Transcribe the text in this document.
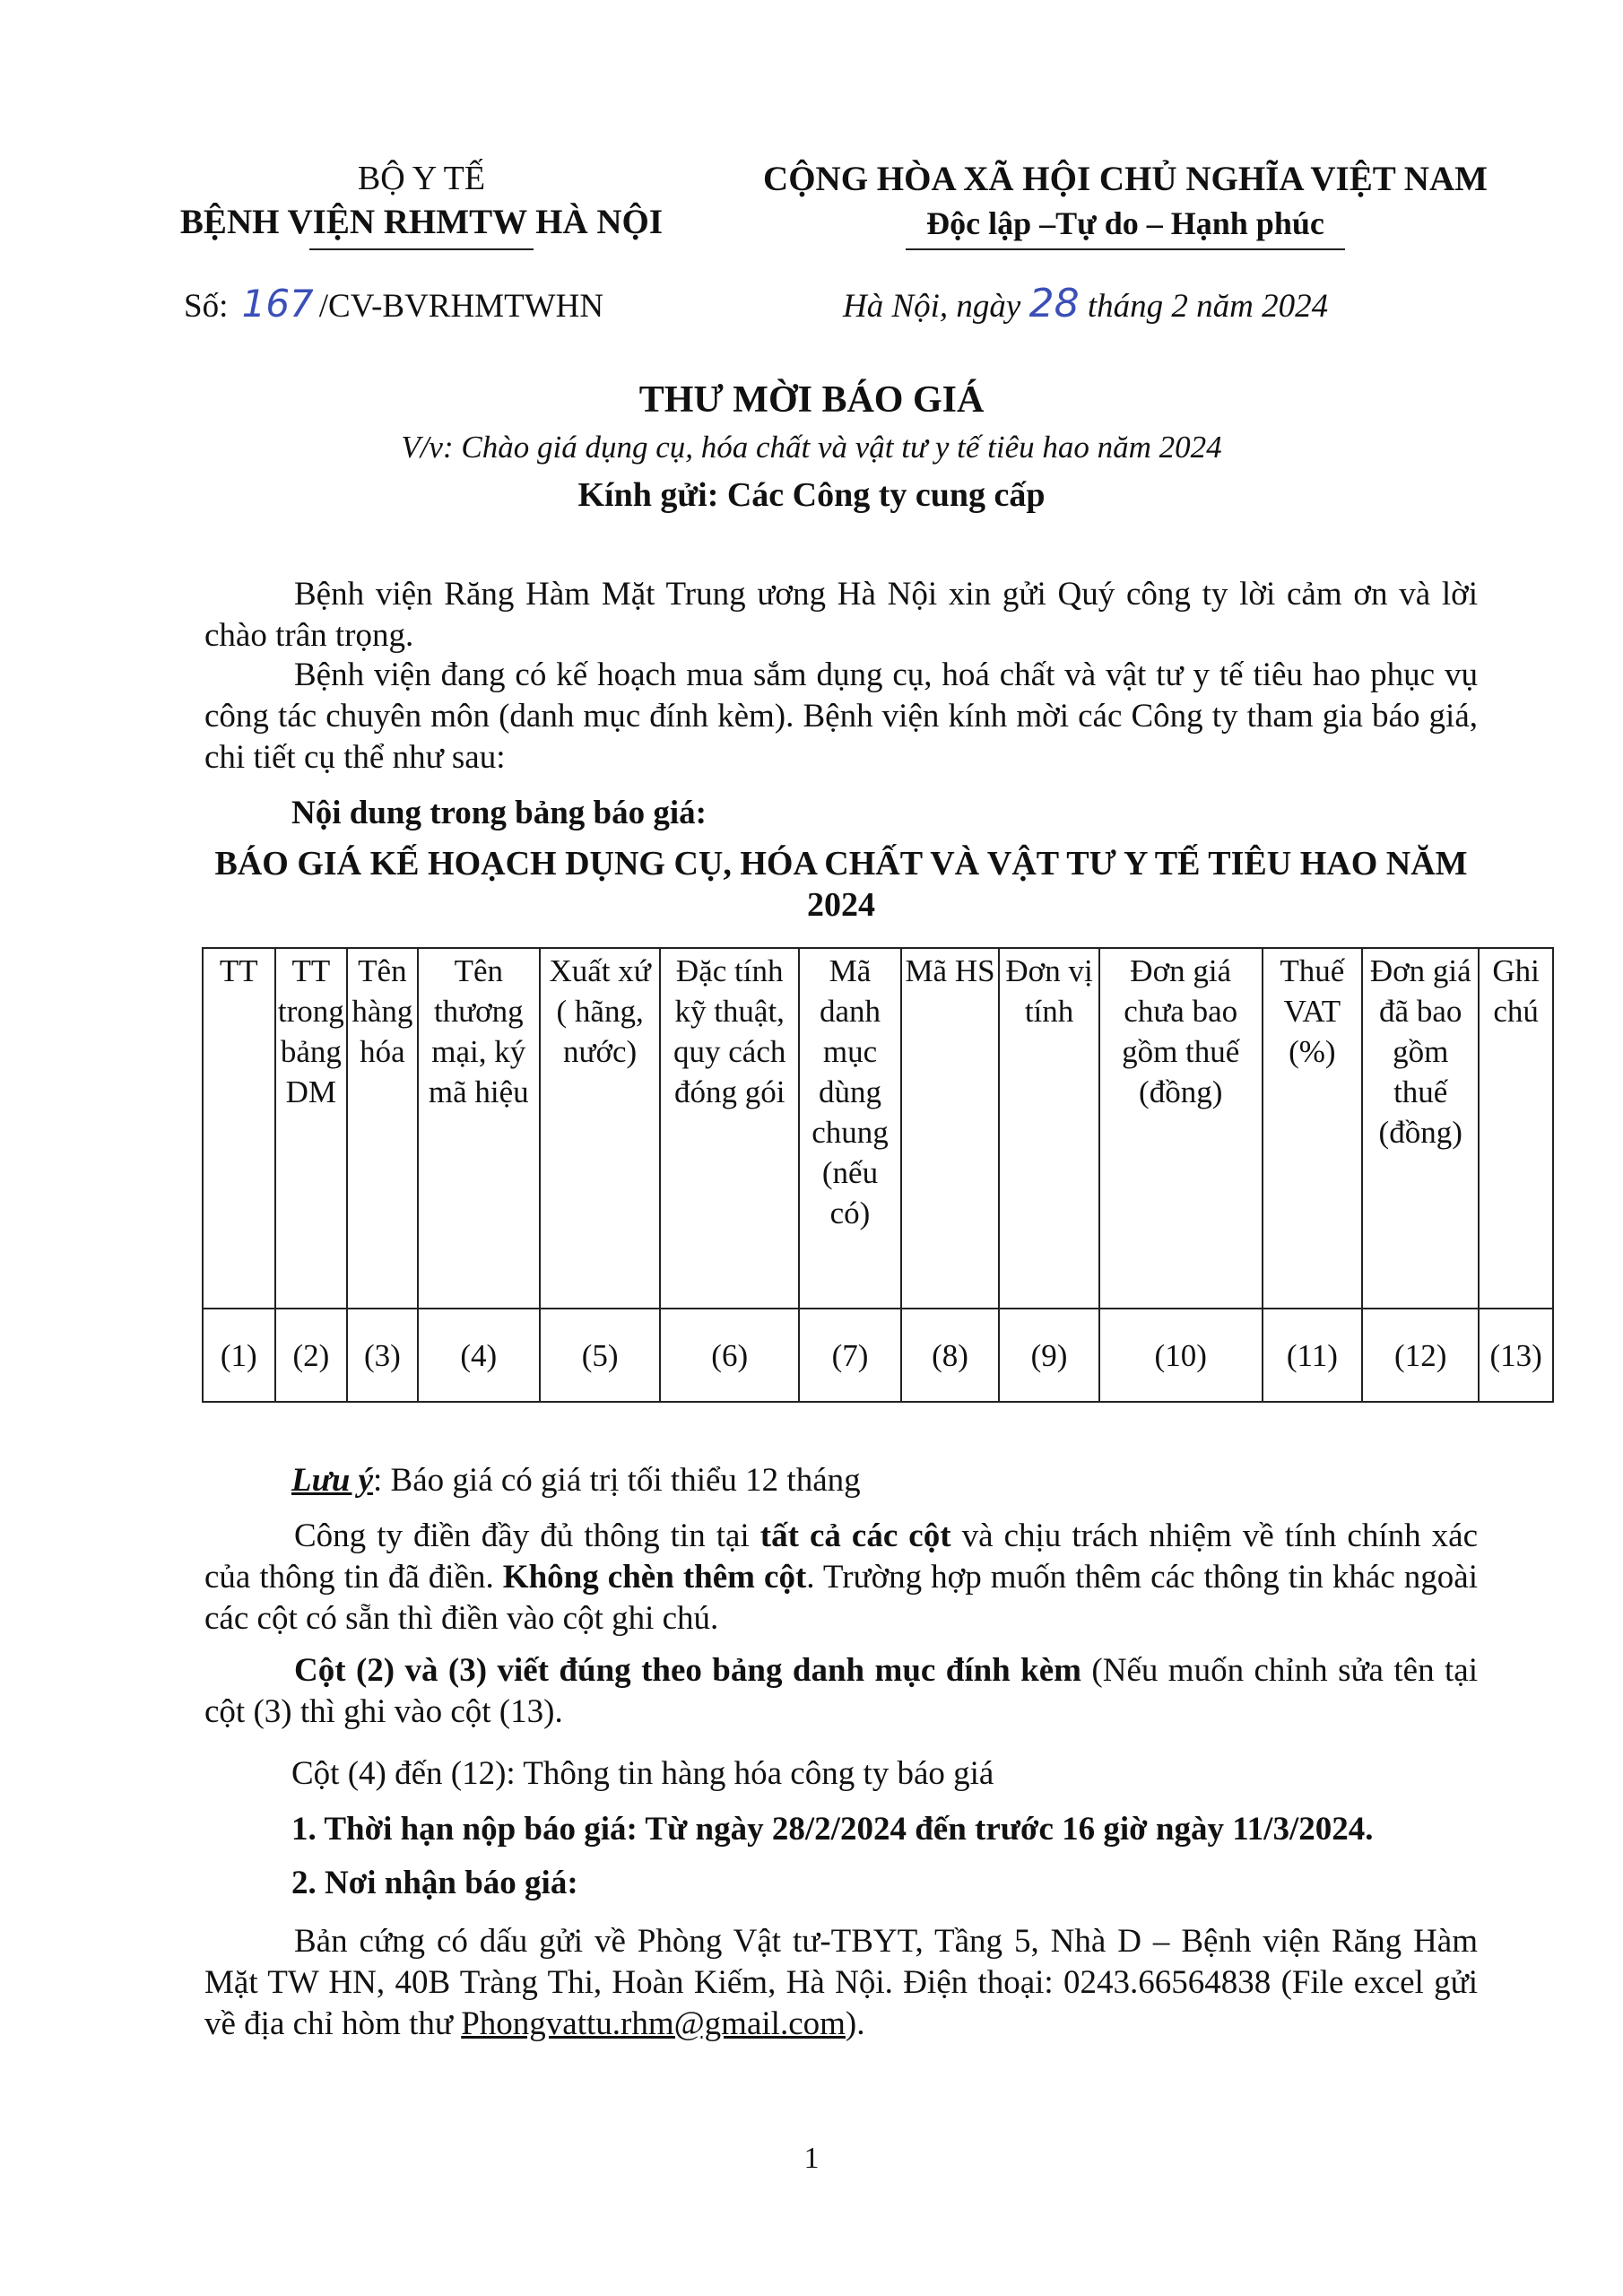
BỘ Y TẾ
BỆNH VIỆN RHMTW HÀ NỘI
CỘNG HÒA XÃ HỘI CHỦ NGHĨA VIỆT NAM
Độc lập –Tự do – Hạnh phúc
Số: 167 /CV-BVRHMTWHN	Hà Nội, ngày 28 tháng 2 năm 2024
THƯ MỜI BÁO GIÁ
V/v: Chào giá dụng cụ, hóa chất và vật tư y tế tiêu hao năm 2024
Kính gửi: Các Công ty cung cấp
Bệnh viện Răng Hàm Mặt Trung ương Hà Nội xin gửi Quý công ty lời cảm ơn và lời chào trân trọng.
Bệnh viện đang có kế hoạch mua sắm dụng cụ, hoá chất và vật tư y tế tiêu hao phục vụ công tác chuyên môn (danh mục đính kèm). Bệnh viện kính mời các Công ty tham gia báo giá, chi tiết cụ thể như sau:
Nội dung trong bảng báo giá:
BÁO GIÁ KẾ HOẠCH DỤNG CỤ, HÓA CHẤT VÀ VẬT TƯ Y TẾ TIÊU HAO NĂM 2024
TT	TT trong bảng DM	Tên hàng hóa	Tên thương mại, ký mã hiệu	Xuất xứ ( hãng, nước)	Đặc tính kỹ thuật, quy cách đóng gói	Mã danh mục dùng chung (nếu có)	Mã HS	Đơn vị tính	Đơn giá chưa bao gồm thuế (đồng)	Thuế VAT (%)	Đơn giá đã bao gồm thuế (đồng)	Ghi chú
(1)	(2)	(3)	(4)	(5)	(6)	(7)	(8)	(9)	(10)	(11)	(12)	(13)
Lưu ý: Báo giá có giá trị tối thiểu 12 tháng
Công ty điền đầy đủ thông tin tại tất cả các cột và chịu trách nhiệm về tính chính xác của thông tin đã điền. Không chèn thêm cột. Trường hợp muốn thêm các thông tin khác ngoài các cột có sẵn thì điền vào cột ghi chú.
Cột (2) và (3) viết đúng theo bảng danh mục đính kèm (Nếu muốn chỉnh sửa tên tại cột (3) thì ghi vào cột (13).
Cột (4) đến (12): Thông tin hàng hóa công ty báo giá
1. Thời hạn nộp báo giá: Từ ngày 28/2/2024 đến trước 16 giờ ngày 11/3/2024.
2. Nơi nhận báo giá:
Bản cứng có dấu gửi về Phòng Vật tư-TBYT, Tầng 5, Nhà D – Bệnh viện Răng Hàm Mặt TW HN, 40B Tràng Thi, Hoàn Kiếm, Hà Nội. Điện thoại: 0243.66564838 (File excel gửi về địa chỉ hòm thư Phongvattu.rhm@gmail.com).
1
